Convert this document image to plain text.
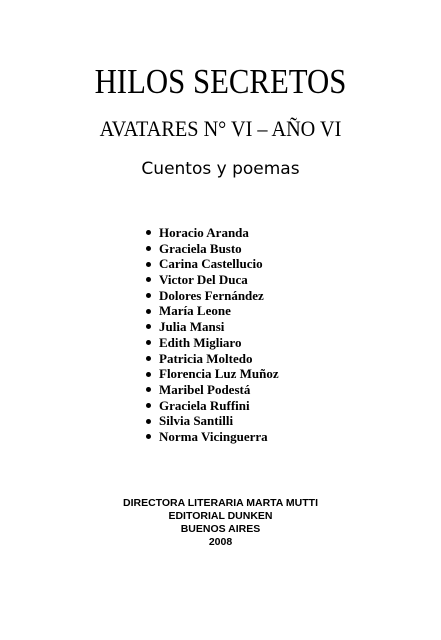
HILOS SECRETOS
AVATARES N° VI – AÑO VI
Cuentos y poemas
Horacio Aranda
Graciela Busto
Carina Castellucio
Victor Del Duca
Dolores Fernández
María Leone
Julia Mansi
Edith Migliaro
Patricia Moltedo
Florencia Luz Muñoz
Maribel Podestá
Graciela Ruffini
Silvia Santilli
Norma Vicinguerra
DIRECTORA LITERARIA MARTA MUTTI
EDITORIAL DUNKEN
BUENOS AIRES
2008
